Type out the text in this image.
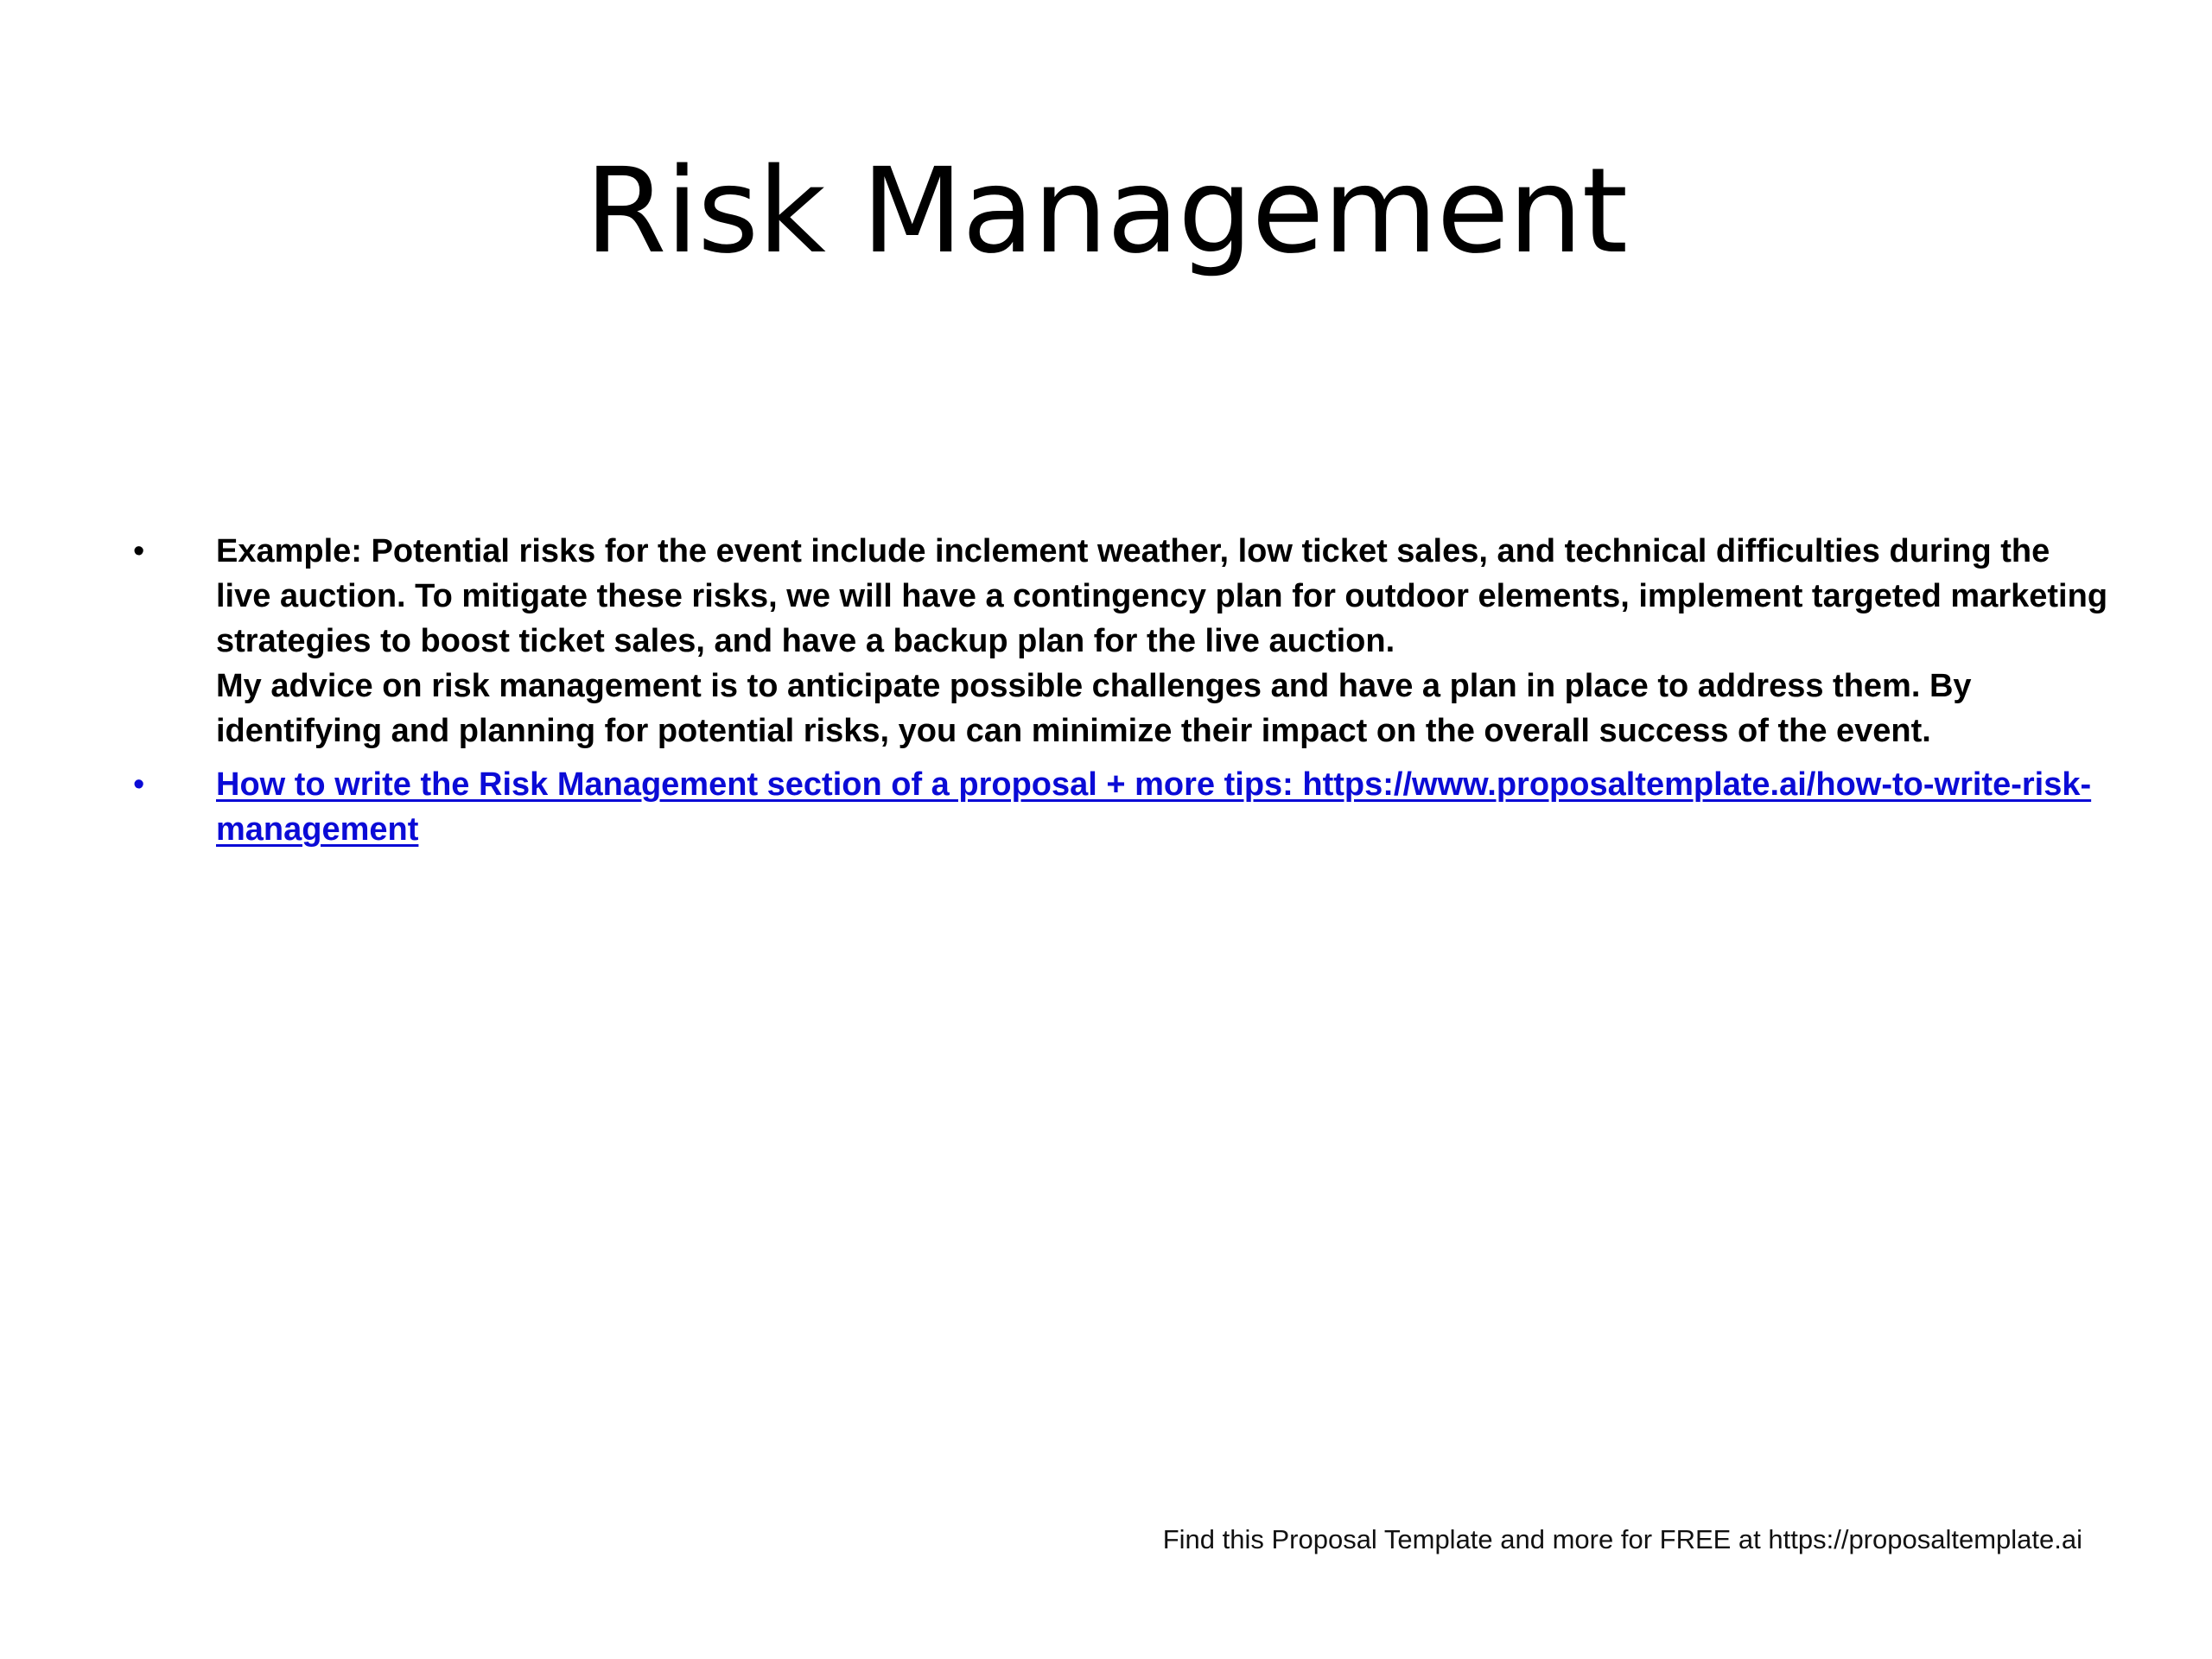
Risk Management
• Example: Potential risks for the event include inclement weather, low ticket sales, and technical difficulties during the live auction. To mitigate these risks, we will have a contingency plan for outdoor elements, implement targeted marketing strategies to boost ticket sales, and have a backup plan for the live auction.
My advice on risk management is to anticipate possible challenges and have a plan in place to address them. By identifying and planning for potential risks, you can minimize their impact on the overall success of the event.
• How to write the Risk Management section of a proposal + more tips: https://www.proposaltemplate.ai/how-to-write-risk-management
Find this Proposal Template and more for FREE at https://proposaltemplate.ai
